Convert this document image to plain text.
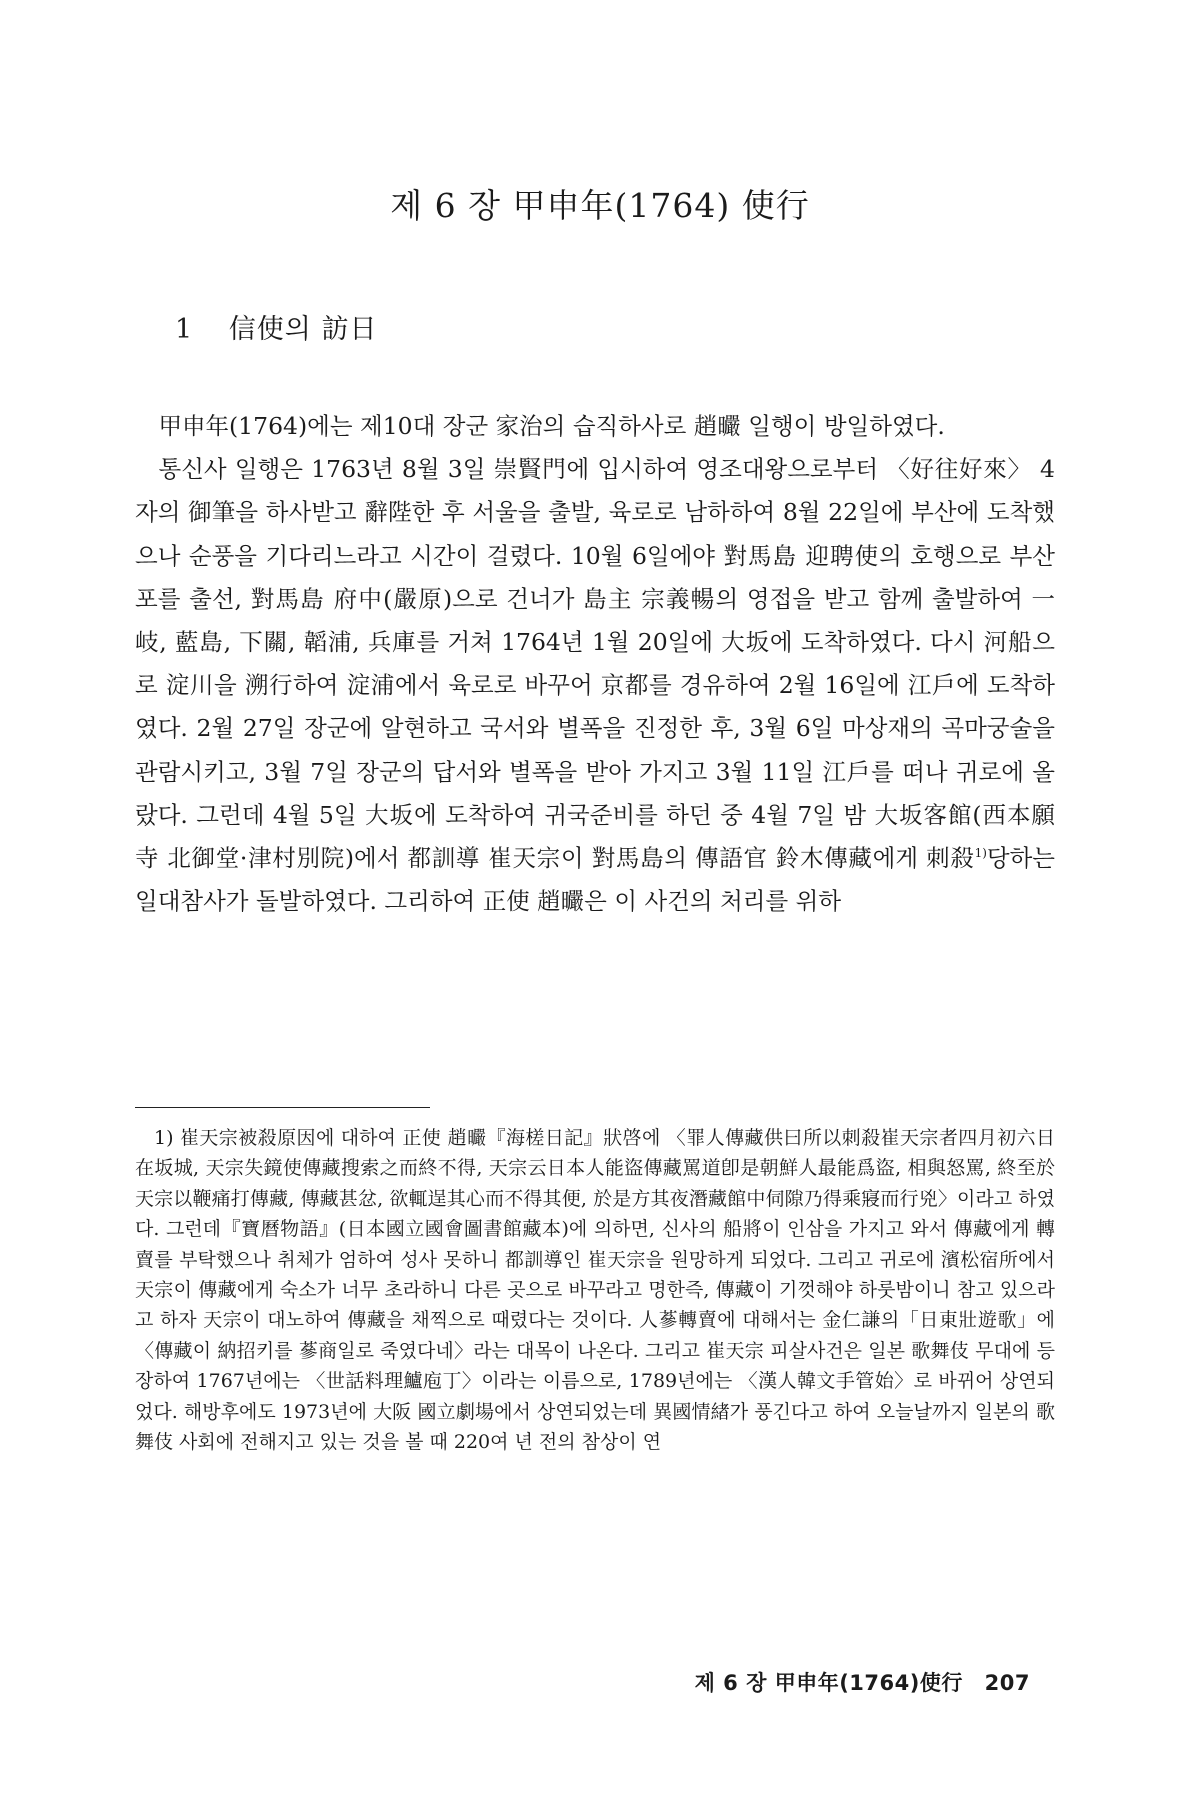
제 6 장 甲申年(1764) 使行
1 信使의 訪日

甲申年(1764)에는 제10대 장군 家治의 습직하사로 趙曮 일행이 방일하였다.

통신사 일행은 1763년 8월 3일 崇賢門에 입시하여 영조대왕으로부터 〈好往好來〉 4자의 御筆을 하사받고 辭陛한 후 서울을 출발, 육로로 남하하여 8월 22일에 부산에 도착했으나 순풍을 기다리느라고 시간이 걸렸다. 10월 6일에야 對馬島 迎聘使의 호행으로 부산포를 출선, 對馬島 府中(嚴原)으로 건너가 島主 宗義暢의 영접을 받고 함께 출발하여 一岐, 藍島, 下關, 韜浦, 兵庫를 거쳐 1764년 1월 20일에 大坂에 도착하였다. 다시 河船으로 淀川을 溯行하여 淀浦에서 육로로 바꾸어 京都를 경유하여 2월 16일에 江戶에 도착하였다. 2월 27일 장군에 알현하고 국서와 별폭을 진정한 후, 3월 6일 마상재의 곡마궁술을 관람시키고, 3월 7일 장군의 답서와 별폭을 받아 가지고 3월 11일 江戶를 떠나 귀로에 올랐다. 그런데 4월 5일 大坂에 도착하여 귀국준비를 하던 중 4월 7일 밤 大坂客館(西本願寺 北御堂·津村別院)에서 都訓導 崔天宗이 對馬島의 傳語官 鈴木傳藏에게 刺殺$^{1)}$당하는 일대참사가 돌발하였다. 그리하여 正使 趙曮은 이 사건의 처리를 위하

1) 崔天宗被殺原因에 대하여 正使 趙曮『海槎日記』狀啓에 〈罪人傳藏供曰所以刺殺崔天宗者四月初六日在坂城, 天宗失鏡使傳藏搜索之而終不得, 天宗云日本人能盜傳藏罵道卽是朝鮮人最能爲盜, 相與怒罵, 終至於天宗以鞭痛打傳藏, 傳藏甚忿, 欲輒逞其心而不得其便, 於是方其夜潛藏館中伺隙乃得乘寢而行兇〉이라고 하였다. 그런데『寶曆物語』(日本國立國會圖書館藏本)에 의하면, 신사의 船將이 인삼을 가지고 와서 傳藏에게 轉賣를 부탁했으나 취체가 엄하여 성사 못하니 都訓導인 崔天宗을 원망하게 되었다. 그리고 귀로에 濱松宿所에서 天宗이 傳藏에게 숙소가 너무 초라하니 다른 곳으로 바꾸라고 명한즉, 傳藏이 기껏해야 하룻밤이니 참고 있으라고 하자 天宗이 대노하여 傳藏을 채찍으로 때렸다는 것이다. 人蔘轉賣에 대해서는 金仁謙의「日東壯遊歌」에 〈傳藏이 納招키를 蔘商일로 죽였다네〉라는 대목이 나온다. 그리고 崔天宗 피살사건은 일본 歌舞伎 무대에 등장하여 1767년에는 〈世話料理鱸庖丁〉이라는 이름으로, 1789년에는 〈漢人韓文手管始〉로 바뀌어 상연되었다. 해방후에도 1973년에 大阪 國立劇場에서 상연되었는데 異國情緖가 풍긴다고 하여 오늘날까지 일본의 歌舞伎 사회에 전해지고 있는 것을 볼 때 220여 년 전의 참상이 연

제 6 장 甲申年(1764)使行 207
